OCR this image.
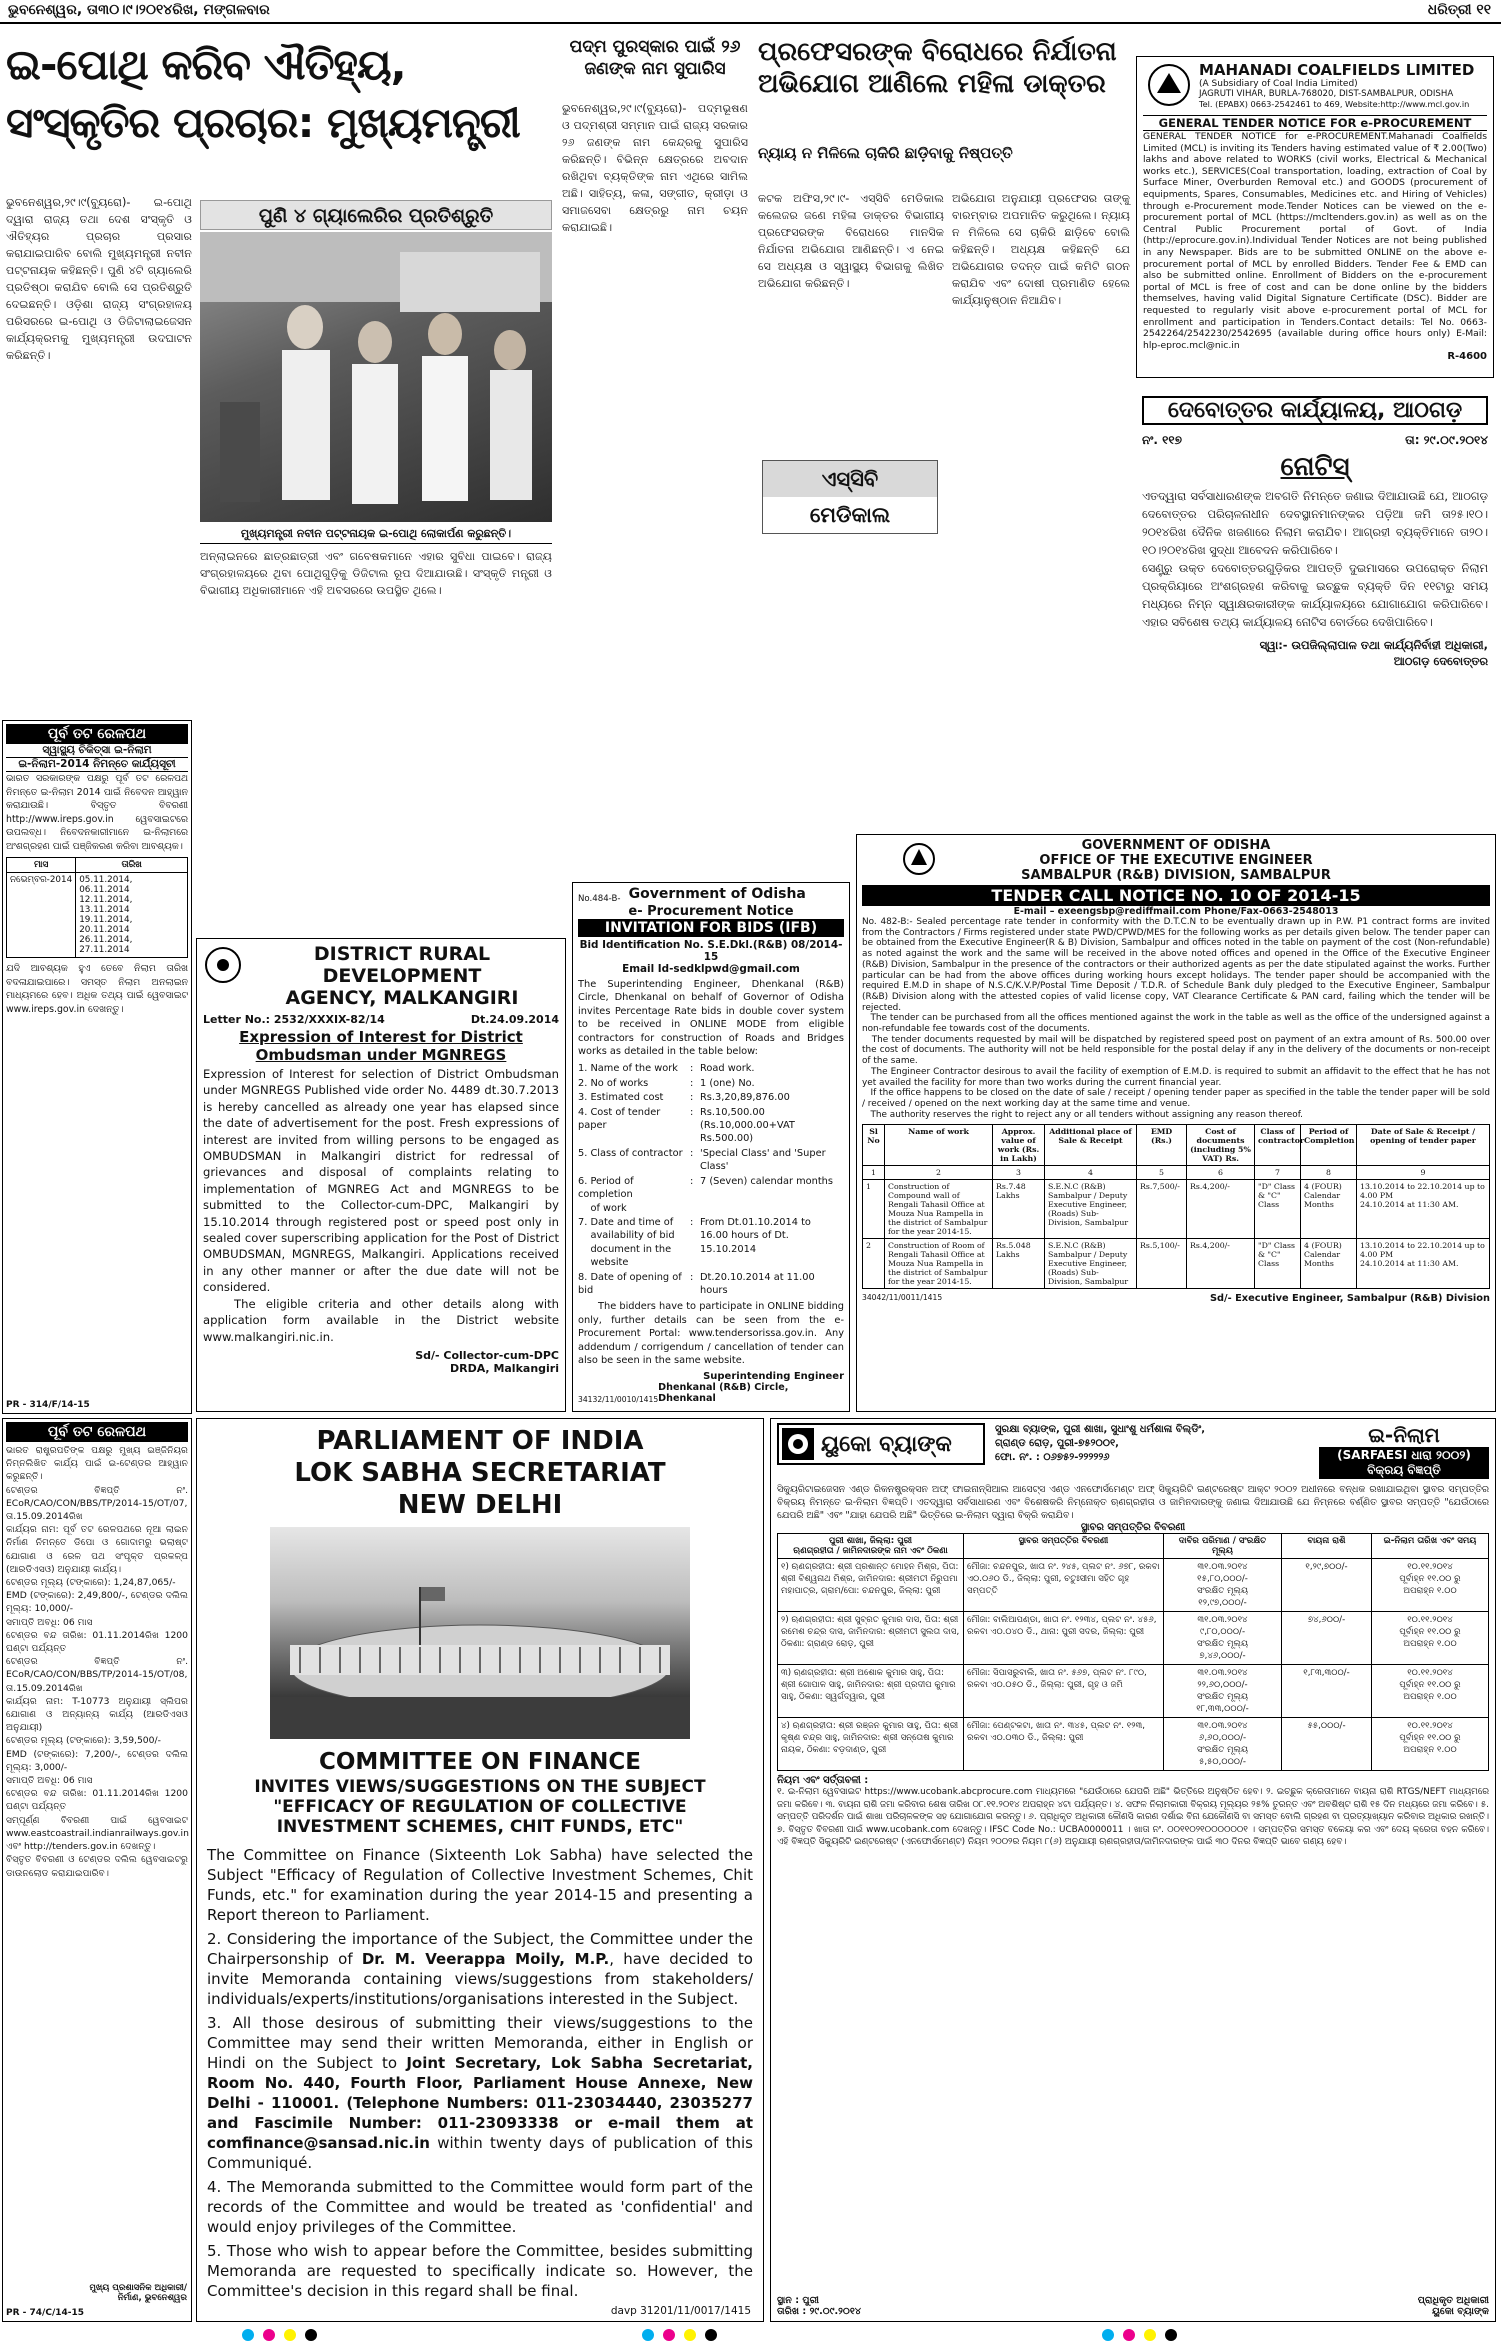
ଭୁବନେଶ୍ୱର, ତା୩୦।୯।୨୦୧୪ରିଖ, ମଙ୍ଗଳବାର	ଧରିତ୍ରୀ ୧୧
ଇ-ପୋଥି କରିବ ଐତିହ୍ୟ, ସଂସ୍କୃତିର ପ୍ରଚାର: ମୁଖ୍ୟମନ୍ତ୍ରୀ
ଭୁବନେଶ୍ୱର,୨୯।୯(ବ୍ୟୁରୋ)- ଇ-ପୋଥି ଦ୍ୱାରା ରାଜ୍ୟ ତଥା ଦେଶ ସଂସ୍କୃତି ଓ ଐତିହ୍ୟର ପ୍ରଚାର ପ୍ରସାର କରାଯାଇପାରିବ ବୋଲି ମୁଖ୍ୟମନ୍ତ୍ରୀ ନବୀନ ପଟ୍ଟନାୟକ କହିଛନ୍ତି। ପୁଣି ୪ଟି ଗ୍ୟାଲେରି ପ୍ରତିଷ୍ଠା କରାଯିବ ବୋଲି ସେ ପ୍ରତିଶ୍ରୁତି ଦେଇଛନ୍ତି। ଓଡ଼ିଶା ରାଜ୍ୟ ସଂଗ୍ରହାଳୟ ପରିସରରେ ଇ-ପୋଥି ଓ ଡିଜିଟାଲାଇଜେସନ କାର୍ଯ୍ୟକ୍ରମକୁ ମୁଖ୍ୟମନ୍ତ୍ରୀ ଉଦଘାଟନ କରିଛନ୍ତି।
ପୁଣି ୪ ଗ୍ୟାଲେରିର ପ୍ରତିଶ୍ରୁତି
ମୁଖ୍ୟମନ୍ତ୍ରୀ ନବୀନ ପଟ୍ଟନାୟକ ଇ-ପୋଥି ଲୋକାର୍ପଣ କରୁଛନ୍ତି।
ଅନ୍‌ଲାଇନରେ ଛାତ୍ରଛାତ୍ରୀ ଏବଂ ଗବେଷକମାନେ ଏହାର ସୁବିଧା ପାଇବେ। ରାଜ୍ୟ ସଂଗ୍ରହାଳୟରେ ଥିବା ପୋଥିଗୁଡ଼ିକୁ ଡିଜିଟାଲ ରୂପ ଦିଆଯାଉଛି। ସଂସ୍କୃତି ମନ୍ତ୍ରୀ ଓ ବିଭାଗୀୟ ଅଧିକାରୀମାନେ ଏହି ଅବସରରେ ଉପସ୍ଥିତ ଥିଲେ।
ପଦ୍ମ ପୁରସ୍କାର ପାଇଁ ୨୬ ଜଣଙ୍କ ନାମ ସୁପାରିସ
ଭୁବନେଶ୍ୱର,୨୯।୯(ବ୍ୟୁରୋ)- ପଦ୍ମଭୂଷଣ ଓ ପଦ୍ମଶ୍ରୀ ସମ୍ମାନ ପାଇଁ ରାଜ୍ୟ ସରକାର ୨୬ ଜଣଙ୍କ ନାମ କେନ୍ଦ୍ରକୁ ସୁପାରିସ କରିଛନ୍ତି। ବିଭିନ୍ନ କ୍ଷେତ୍ରରେ ଅବଦାନ ରଖିଥିବା ବ୍ୟକ୍ତିଙ୍କ ନାମ ଏଥିରେ ସାମିଲ ଅଛି। ସାହିତ୍ୟ, କଳା, ସଙ୍ଗୀତ, କ୍ରୀଡ଼ା ଓ ସମାଜସେବା କ୍ଷେତ୍ରରୁ ନାମ ଚୟନ କରାଯାଇଛି।
ପ୍ରଫେସରଙ୍କ ବିରୋଧରେ ନିର୍ଯାତନା ଅଭିଯୋଗ ଆଣିଲେ ମହିଳା ଡାକ୍ତର
ନ୍ୟାୟ ନ ମିଳିଲେ ଚାକିରି ଛାଡ଼ିବାକୁ ନିଷ୍ପତ୍ତି
କଟକ ଅଫିସ,୨୯।୯- ଏସ୍‌ସିବି ମେଡିକାଲ କଲେଜର ଜଣେ ମହିଳା ଡାକ୍ତର ବିଭାଗୀୟ ପ୍ରଫେସରଙ୍କ ବିରୋଧରେ ମାନସିକ ନିର୍ଯାତନା ଅଭିଯୋଗ ଆଣିଛନ୍ତି। ଏ ନେଇ ସେ ଅଧ୍ୟକ୍ଷ ଓ ସ୍ୱାସ୍ଥ୍ୟ ବିଭାଗକୁ ଲିଖିତ ଅଭିଯୋଗ କରିଛନ୍ତି।
ଏସ୍‌ସିବି
ମେଡିକାଲ
ଅଭିଯୋଗ ଅନୁଯାୟୀ ପ୍ରଫେସର ତାଙ୍କୁ ବାରମ୍ବାର ଅପମାନିତ କରୁଥିଲେ। ନ୍ୟାୟ ନ ମିଳିଲେ ସେ ଚାକିରି ଛାଡ଼ିବେ ବୋଲି କହିଛନ୍ତି। ଅଧ୍ୟକ୍ଷ କହିଛନ୍ତି ଯେ ଅଭିଯୋଗର ତଦନ୍ତ ପାଇଁ କମିଟି ଗଠନ କରାଯିବ ଏବଂ ଦୋଷୀ ପ୍ରମାଣିତ ହେଲେ କାର୍ଯ୍ୟାନୁଷ୍ଠାନ ନିଆଯିବ।
MAHANADI COALFIELDS LIMITED
(A Subsidiary of Coal India Limited)
JAGRUTI VIHAR, BURLA-768020, DIST-SAMBALPUR, ODISHA
Tel. (EPABX) 0663-2542461 to 469, Website:http://www.mcl.gov.in
GENERAL TENDER NOTICE FOR e-PROCUREMENT
GENERAL TENDER NOTICE for e-PROCUREMENT.Mahanadi Coalfields Limited (MCL) is inviting its Tenders having estimated value of ₹ 2.00(Two) lakhs and above related to WORKS (civil works, Electrical & Mechanical works etc.), SERVICES(Coal transportation, loading, extraction of Coal by Surface Miner, Overburden Removal etc.) and GOODS (procurement of equipments, Spares, Consumables, Medicines etc. and Hiring of Vehicles) through e-Procurement mode.Tender Notices can be viewed on the e-procurement portal of MCL (https://mcltenders.gov.in) as well as on the Central Public Procurement portal of Govt. of India (http://eprocure.gov.in).Individual Tender Notices are not being published in any Newspaper. Bids are to be submitted ONLINE on the above e-procurement portal of MCL by enrolled Bidders. Tender Fee & EMD can also be submitted online. Enrollment of Bidders on the e-procurement portal of MCL is free of cost and can be done online by the bidders themselves, having valid Digital Signature Certificate (DSC). Bidder are requested to regularly visit above e-procurement portal of MCL for enrollment and participation in Tenders.Contact details: Tel No. 0663-2542264/2542230/2542695 (available during office hours only) E-Mail: hlp-eproc.mcl@nic.in
R-4600
ଦେବୋତ୍ତର କାର୍ଯ୍ୟାଳୟ, ଆଠଗଡ଼
ନଂ. ୧୧୭	ତା: ୨୯.୦୯.୨୦୧୪
ନୋଟିସ୍
ଏତଦ୍ୱାରା ସର୍ବସାଧାରଣଙ୍କ ଅବଗତି ନିମନ୍ତେ ଜଣାଇ ଦିଆଯାଉଛି ଯେ, ଆଠଗଡ଼ ଦେବୋତ୍ତର ପରିଚାଳନାଧୀନ ଦେବସ୍ଥାନମାନଙ୍କର ପଡ଼ିଆ ଜମି ତା୨୫।୧୦।୨୦୧୪ରିଖ ଦୈନିକ ଖଜଣାରେ ନିଲାମ କରାଯିବ। ଆଗ୍ରହୀ ବ୍ୟକ୍ତିମାନେ ତା୨୦।୧୦।୨୦୧୪ରିଖ ସୁଦ୍ଧା ଆବେଦନ କରିପାରିବେ।
ସେଣ୍ଟ୍ରୁ ଉକ୍ତ ଦେବୋତ୍ତରଗୁଡ଼ିକର ଆପତ୍ତି ଦୁଇମାସରେ ଉପରୋକ୍ତ ନିଲାମ ପ୍ରକ୍ରିୟାରେ ଅଂଶଗ୍ରହଣ କରିବାକୁ ଇଚ୍ଛୁକ ବ୍ୟକ୍ତି ଦିନ ୧୧ଟାରୁ ସମୟ ମଧ୍ୟରେ ନିମ୍ନ ସ୍ୱାକ୍ଷରକାରୀଙ୍କ କାର୍ଯ୍ୟାଳୟରେ ଯୋଗାଯୋଗ କରିପାରିବେ। ଏହାର ସବିଶେଷ ତଥ୍ୟ କାର୍ଯ୍ୟାଳୟ ନୋଟିସ ବୋର୍ଡରେ ଦେଖିପାରିବେ।
ସ୍ୱା:- ଉପଜିଲ୍ଲାପାଳ ତଥା କାର୍ଯ୍ୟନିର୍ବାହୀ ଅଧିକାରୀ, ଆଠଗଡ଼ ଦେବୋତ୍ତର
ପୂର୍ବ ତଟ ରେଳପଥ
ସ୍ୱାସ୍ଥ୍ୟ ଚିକିତ୍ସା ଇ-ନିଲାମ
ଇ-ନିଲାମ-2014 ନିମନ୍ତେ କାର୍ଯ୍ୟସୂଚୀ
ଭାରତ ସରକାରଙ୍କ ପକ୍ଷରୁ ପୂର୍ବ ତଟ ରେଳପଥ ନିମନ୍ତେ ଇ-ନିଲାମ 2014 ପାଇଁ ନିବେଦନ ଆହ୍ୱାନ କରାଯାଉଛି। ବିସ୍ତୃତ ବିବରଣୀ http://www.ireps.gov.in ୱେବସାଇଟରେ ଉପଲବ୍ଧ। ନିବେଦନକାରୀମାନେ ଇ-ନିଲାମରେ ଅଂଶଗ୍ରହଣ ପାଇଁ ପଞ୍ଜିକରଣ କରିବା ଆବଶ୍ୟକ।
ମାସ	ତାରିଖ
ନଭେମ୍ବର-2014	05.11.2014, 06.11.2014
12.11.2014, 13.11.2014
19.11.2014, 20.11.2014
26.11.2014, 27.11.2014
ଯଦି ଆବଶ୍ୟକ ହୁଏ ତେବେ ନିଲାମ ତାରିଖ ବଦଳାଯାଇପାରେ। ସମସ୍ତ ନିଲାମ ଅନଲାଇନ ମାଧ୍ୟମରେ ହେବ। ଅଧିକ ତଥ୍ୟ ପାଇଁ ୱେବସାଇଟ www.ireps.gov.in ଦେଖନ୍ତୁ।
PR - 314/F/14-15
DISTRICT RURAL DEVELOPMENT
AGENCY, MALKANGIRI
Letter No.: 2532/XXXIX-82/14	Dt.24.09.2014
Expression of Interest for District
Ombudsman under MGNREGS
Expression of Interest for selection of District Ombudsman under MGNREGS Published vide order No. 4489 dt.30.7.2013 is hereby cancelled as already one year has elapsed since the date of advertisement for the post. Fresh expressions of interest are invited from willing persons to be engaged as OMBUDSMAN in Malkangiri district for redressal of grievances and disposal of complaints relating to implementation of MGNREG Act and MGNREGS to be submitted to the Collector-cum-DPC, Malkangiri by 15.10.2014 through registered post or speed post only in sealed cover superscribing application for the Post of District OMBUDSMAN, MGNREGS, Malkangiri. Applications received in any other manner or after the due date will not be considered.
The eligible criteria and other details along with application form available in the District website www.malkangiri.nic.in.
Sd/- Collector-cum-DPC
DRDA, Malkangiri
No.484-B- Government of Odisha
e- Procurement Notice
INVITATION FOR BIDS (IFB)
Bid Identification No. S.E.Dkl.(R&B) 08/2014-15
Email Id-sedklpwd@gmail.com
The Superintending Engineer, Dhenkanal (R&B) Circle, Dhenkanal on behalf of Governor of Odisha invites Percentage Rate bids in double cover system to be received in ONLINE MODE from eligible contractors for construction of Roads and Bridges works as detailed in the table below:
1. Name of the work	: Road work.
2. No of works	: 1 (one) No.
3. Estimated cost	: Rs.3,20,89,876.00
4. Cost of tender paper
: Rs.10,500.00
(Rs.10,000.00+VAT Rs.500.00)
5. Class of contractor : 'Special Class' and 'Super Class'
6. Period of completion
of work
: 7 (Seven) calendar months
7. Date and time of
availability of bid
document in the
website
: From Dt.01.10.2014 to
16.00 hours of Dt. 15.10.2014
8. Date of opening of bid
: Dt.20.10.2014 at 11.00 hours
The bidders have to participate in ONLINE bidding only, further details can be seen from the e- Procurement Portal: www.tendersorissa.gov.in. Any addendum / corrigendum / cancellation of tender can also be seen in the same website.
Superintending Engineer
34132/11/0010/1415
Dhenkanal (R&B) Circle, Dhenkanal
GOVERNMENT OF ODISHA
OFFICE OF THE EXECUTIVE ENGINEER
SAMBALPUR (R&B) DIVISION, SAMBALPUR
TENDER CALL NOTICE NO. 10 OF 2014-15
E-mail – exeengsbp@rediffmail.com Phone/Fax-0663-2548013
No. 482-B:- Sealed percentage rate tender in conformity with the D.T.C.N to be eventually drawn up in P.W. P1 contract forms are invited from the Contractors / Firms registered under state PWD/CPWD/MES for the following works as per details given below. The tender paper can be obtained from the Executive Engineer(R & B) Division, Sambalpur and offices noted in the table on payment of the cost (Non-refundable) as noted against the work and the same will be received in the above noted offices and opened in the Office of the Executive Engineer (R&B) Division, Sambalpur in the presence of the contractors or their authorized agents as per the date stipulated against the works. Further particular can be had from the above offices during working hours except holidays. The tender paper should be accompanied with the required E.M.D in shape of N.S.C/K.V.P/Postal Time Deposit / T.D.R. of Schedule Bank duly pledged to the Executive Engineer, Sambalpur (R&B) Division along with the attested copies of valid license copy, VAT Clearance Certificate & PAN card, failing which the tender will be rejected.
The tender can be purchased from all the offices mentioned against the work in the table as well as the office of the undersigned against a non-refundable fee towards cost of the documents.
The tender documents requested by mail will be dispatched by registered speed post on payment of an extra amount of Rs. 500.00 over the cost of documents. The authority will not be held responsible for the postal delay if any in the delivery of the documents or non-receipt of the same.
The Engineer Contractor desirous to avail the facility of exemption of E.M.D. is required to submit an affidavit to the effect that he has not yet availed the facility for more than two works during the current financial year.
If the office happens to be closed on the date of sale / receipt / opening tender paper as specified in the table the tender paper will be sold / received / opened on the next working day at the same time and venue.
The authority reserves the right to reject any or all tenders without assigning any reason thereof.
Sl No	Name of work	Approx. value of work (Rs. in Lakh)	Additional place of Sale & Receipt	EMD (Rs.)	Cost of documents (including 5% VAT) Rs.	Class of contractor	Period of Completion	Date of Sale & Receipt / opening of tender paper
1	2	3	4	5	6	7	8	9
1	Construction of Compound wall of Rengali Tahasil Office at Mouza Nua Rampella in the district of Sambalpur for the year 2014-15.	Rs.7.48 Lakhs	S.E.N.C (R&B) Sambalpur / Deputy Executive Engineer, (Roads) Sub-Division, Sambalpur	Rs.7,500/-	Rs.4,200/-	"D" Class & "C" Class	4 (FOUR) Calendar Months	13.10.2014 to 22.10.2014 up to 4.00 PM
24.10.2014 at 11:30 AM.
2	Construction of Room of Rengali Tahasil Office at Mouza Nua Rampella in the district of Sambalpur for the year 2014-15.	Rs.5.048 Lakhs	S.E.N.C (R&B) Sambalpur / Deputy Executive Engineer, (Roads) Sub-Division, Sambalpur	Rs.5,100/-	Rs.4,200/-	"D" Class & "C" Class	4 (FOUR) Calendar Months	13.10.2014 to 22.10.2014 up to 4.00 PM
24.10.2014 at 11:30 AM.
34042/11/0011/1415	Sd/- Executive Engineer, Sambalpur (R&B) Division
ପୂର୍ବ ତଟ ରେଳପଥ
ଭାରତ ରାଷ୍ଟ୍ରପତିଙ୍କ ପକ୍ଷରୁ ମୁଖ୍ୟ ଇଞ୍ଜିନିୟର ନିମ୍ନଲିଖିତ କାର୍ଯ୍ୟ ପାଇଁ ଇ-ଟେଣ୍ଡର ଆହ୍ୱାନ କରୁଛନ୍ତି।
ଟେଣ୍ଡର ବିଜ୍ଞପ୍ତି ନଂ. ECoR/CAO/CON/BBS/TP/2014-15/OT/07, ତା.15.09.2014ରିଖ
କାର୍ଯ୍ୟର ନାମ: ପୂର୍ବ ତଟ ରେଳପଥରେ ନୂଆ ଲାଇନ ନିର୍ମାଣ ନିମନ୍ତେ ଡିପୋ ଓ ଗୋଦାମରୁ ଭଲାଷ୍ଟ ଯୋଗାଣ ଓ ରେଳ ପଥ ସଂପୃକ୍ତ ପ୍ରକଳ୍ପ (ଆରଡିଏସଓ) ଅନୁଯାୟୀ କାର୍ଯ୍ୟ।
ଟେଣ୍ଡର ମୂଲ୍ୟ (ଟଙ୍କାରେ): 1,24,87,065/-
EMD (ଟଙ୍କାରେ): 2,49,800/-, ଟେଣ୍ଡର ଦଲିଲ ମୂଲ୍ୟ: 10,000/-
ସମାପ୍ତି ଅବଧି: 06 ମାସ
ଟେଣ୍ଡର ବନ୍ଦ ତାରିଖ: 01.11.2014ରିଖ 1200 ଘଣ୍ଟା ପର୍ଯ୍ୟନ୍ତ
ଟେଣ୍ଡର ବିଜ୍ଞପ୍ତି ନଂ. ECoR/CAO/CON/BBS/TP/2014-15/OT/08, ତା.15.09.2014ରିଖ
କାର୍ଯ୍ୟର ନାମ: T-10773 ଅନୁଯାୟୀ ସ୍ଲିପର ଯୋଗାଣ ଓ ଅନ୍ୟାନ୍ୟ କାର୍ଯ୍ୟ (ଆରଡିଏସଓ ଅନୁଯାୟୀ)
ଟେଣ୍ଡର ମୂଲ୍ୟ (ଟଙ୍କାରେ): 3,59,500/-
EMD (ଟଙ୍କାରେ): 7,200/-, ଟେଣ୍ଡର ଦଲିଲ ମୂଲ୍ୟ: 3,000/-
ସମାପ୍ତି ଅବଧି: 06 ମାସ
ଟେଣ୍ଡର ବନ୍ଦ ତାରିଖ: 01.11.2014ରିଖ 1200 ଘଣ୍ଟା ପର୍ଯ୍ୟନ୍ତ
ସମ୍ପୂର୍ଣ୍ଣ ବିବରଣୀ ପାଇଁ ୱେବସାଇଟ www.eastcoastrail.indianrailways.gov.in ଏବଂ http://tenders.gov.in ଦେଖନ୍ତୁ।
ବିସ୍ତୃତ ବିବରଣୀ ଓ ଟେଣ୍ଡର ଦଲିଲ ୱେବସାଇଟରୁ ଡାଉନଲୋଡ କରାଯାଇପାରିବ।
ମୁଖ୍ୟ ପ୍ରଶାସନିକ ଅଧିକାରୀ/ନିର୍ମାଣ, ଭୁବନେଶ୍ୱର
PR - 74/C/14-15
PARLIAMENT OF INDIA
LOK SABHA SECRETARIAT
NEW DELHI
COMMITTEE ON FINANCE
INVITES VIEWS/SUGGESTIONS ON THE SUBJECT
"EFFICACY OF REGULATION OF COLLECTIVE INVESTMENT SCHEMES, CHIT FUNDS, ETC"
The Committee on Finance (Sixteenth Lok Sabha) have selected the Subject "Efficacy of Regulation of Collective Investment Schemes, Chit Funds, etc." for examination during the year 2014-15 and presenting a Report thereon to Parliament.
2. Considering the importance of the Subject, the Committee under the Chairpersonship of Dr. M. Veerappa Moily, M.P., have decided to invite Memoranda containing views/suggestions from stakeholders/ individuals/experts/institutions/organisations interested in the Subject.
3. All those desirous of submitting their views/suggestions to the Committee may send their written Memoranda, either in English or Hindi on the Subject to Joint Secretary, Lok Sabha Secretariat, Room No. 440, Fourth Floor, Parliament House Annexe, New Delhi - 110001. (Telephone Numbers: 011-23034440, 23035277 and Fascimile Number: 011-23093338 or e-mail them at comfinance@sansad.nic.in within twenty days of publication of this Communiqué.
4. The Memoranda submitted to the Committee would form part of the records of the Committee and would be treated as 'confidential' and would enjoy privileges of the Committee.
5. Those who wish to appear before the Committee, besides submitting Memoranda are requested to specifically indicate so. However, the Committee's decision in this regard shall be final.
davp 31201/11/0017/1415
ୟୁକୋ ବ୍ୟାଙ୍କ
ସୁରକ୍ଷା ବ୍ୟାଙ୍କ, ପୁରୀ ଶାଖା, ସୁଧାଂଶୁ ଧର୍ମଶାଳା ବିଲ୍ଡିଂ,
ଗ୍ରାଣ୍ଡ ରୋଡ଼, ପୁରୀ-୭୫୨୦୦୧,
ଫୋ. ନଂ. : ୦୬୭୫୨-୨୨୨୨୨୬
ଇ-ନିଲାମ
(SARFAESI ଧାରା ୨୦୦୨) ବିକ୍ରୟ ବିଜ୍ଞପ୍ତି
ସିକ୍ୟୁରିଟାଇଜେସନ ଏଣ୍ଡ ରିକନଷ୍ଟ୍ରକ୍ସନ ଅଫ୍ ଫାଇନାନ୍ସିଆଲ ଆସେଟ୍ସ ଏଣ୍ଡ ଏନଫୋର୍ସମେଣ୍ଟ ଅଫ୍ ସିକ୍ୟୁରିଟି ଇଣ୍ଟରେଷ୍ଟ ଆକ୍ଟ ୨୦୦୨ ଅଧୀନରେ ବନ୍ଧକ ରଖାଯାଇଥିବା ସ୍ଥାବର ସମ୍ପତ୍ତିର ବିକ୍ରୟ ନିମନ୍ତେ ଇ-ନିଲାମ ବିଜ୍ଞପ୍ତି। ଏତଦ୍ୱାରା ସର୍ବସାଧାରଣ ଏବଂ ବିଶେଷକରି ନିମ୍ନୋକ୍ତ ଋଣଗ୍ରହୀତା ଓ ଜାମିନଦାରଙ୍କୁ ଜଣାଇ ଦିଆଯାଉଛି ଯେ ନିମ୍ନରେ ବର୍ଣ୍ଣିତ ସ୍ଥାବର ସମ୍ପତ୍ତି "ଯେଉଁଠାରେ ଯେପରି ଅଛି" ଏବଂ "ଯାହା ଯେପରି ଅଛି" ଭିତ୍ତିରେ ଇ-ନିଲାମ ଦ୍ୱାରା ବିକ୍ରି କରାଯିବ।
ସ୍ଥାବର ସମ୍ପତ୍ତିର ବିବରଣୀ
ପୁରୀ ଶାଖା, ଜିଲ୍ଲା: ପୁରୀ
ଋଣଗ୍ରହୀତା / ଜାମିନଦାରଙ୍କ ନାମ ଏବଂ ଠିକଣା	ସ୍ଥାବର ସମ୍ପତ୍ତିର ବିବରଣୀ	ଦାବିର ପରିମାଣ / ସଂରକ୍ଷିତ ମୂଲ୍ୟ	ବାୟନା ରାଶି	ଇ-ନିଲାମ ତାରିଖ ଏବଂ ସମୟ
୧) ଋଣଗ୍ରହୀତା: ଶ୍ରୀ ପ୍ରଶାନ୍ତ ମୋହନ ମିଶ୍ର, ପିତା: ଶ୍ରୀ ବିଶ୍ୱନାଥ ମିଶ୍ର, ଜାମିନଦାର: ଶ୍ରୀମତୀ ନିରୁପମା ମହାପାତ୍ର, ଗ୍ରାମ/ପୋ: ଚନ୍ଦନପୁର, ଜିଲ୍ଲା: ପୁରୀ	ମୌଜା: ଚନ୍ଦନପୁର, ଖାତା ନଂ. ୨୪୫, ପ୍ଲଟ ନଂ. ୬୭୮, ରକବା ଏ୦.୦୬୦ ଡି., ଜିଲ୍ଲା: ପୁରୀ, ଚତୁଃସୀମା ସହିତ ଗୃହ ସମ୍ପତ୍ତି	୩୧.୦୩.୨୦୧୪
୧୫,୮୦,୦୦୦/-
ସଂରକ୍ଷିତ ମୂଲ୍ୟ
୧୨,୯୭,୦୦୦/-	୧,୨୯,୭୦୦/-	୧୦.୧୧.୨୦୧୪
ପୂର୍ବାହ୍ନ ୧୧.୦୦ ରୁ
ଅପରାହ୍ନ ୧.୦୦
୨) ଋଣଗ୍ରହୀତା: ଶ୍ରୀ ସୁବ୍ରତ କୁମାର ଦାସ, ପିତା: ଶ୍ରୀ ରମେଶ ଚନ୍ଦ୍ର ଦାସ, ଜାମିନଦାର: ଶ୍ରୀମତୀ ସୁଲତା ଦାସ, ଠିକଣା: ଗ୍ରାଣ୍ଡ ରୋଡ଼, ପୁରୀ	ମୌଜା: ବାଲିଆପଣ୍ଡା, ଖାତା ନଂ. ୧୨୩୪, ପ୍ଲଟ ନଂ. ୪୫୬, ରକବା ଏ୦.୦୪୦ ଡି., ଥାନା: ପୁରୀ ସଦର, ଜିଲ୍ଲା: ପୁରୀ	୩୧.୦୩.୨୦୧୪
୯,୮୦,୦୦୦/-
ସଂରକ୍ଷିତ ମୂଲ୍ୟ
୭,୪୬,୦୦୦/-	୭୪,୬୦୦/-	୧୦.୧୧.୨୦୧୪
ପୂର୍ବାହ୍ନ ୧୧.୦୦ ରୁ
ଅପରାହ୍ନ ୧.୦୦
୩) ଋଣଗ୍ରହୀତା: ଶ୍ରୀ ଅଶୋକ କୁମାର ସାହୁ, ପିତା: ଶ୍ରୀ ଗୋପାଳ ସାହୁ, ଜାମିନଦାର: ଶ୍ରୀ ପ୍ରଦୀପ କୁମାର ସାହୁ, ଠିକଣା: ସ୍ୱର୍ଗଦ୍ୱାର, ପୁରୀ	ମୌଜା: ସିପାସରୁବାଲି, ଖାତା ନଂ. ୫୬୭, ପ୍ଲଟ ନଂ. ୮୯୦, ରକବା ଏ୦.୦୫୦ ଡି., ଜିଲ୍ଲା: ପୁରୀ, ଗୃହ ଓ ଜମି	୩୧.୦୩.୨୦୧୪
୨୨,୬୦,୦୦୦/-
ସଂରକ୍ଷିତ ମୂଲ୍ୟ
୧୮,୩୩,୦୦୦/-	୧,୮୩,୩୦୦/-	୧୦.୧୧.୨୦୧୪
ପୂର୍ବାହ୍ନ ୧୧.୦୦ ରୁ
ଅପରାହ୍ନ ୧.୦୦
୪) ଋଣଗ୍ରହୀତା: ଶ୍ରୀ ରଞ୍ଜନ କୁମାର ସାହୁ, ପିତା: ଶ୍ରୀ କୃଷ୍ଣ ଚନ୍ଦ୍ର ସାହୁ, ଜାମିନଦାର: ଶ୍ରୀ ସନ୍ତୋଷ କୁମାର ନାୟକ, ଠିକଣା: ବଡ଼ଦାଣ୍ଡ, ପୁରୀ	ମୌଜା: ପେଣ୍ଟକଟା, ଖାତା ନଂ. ୩୪୫, ପ୍ଲଟ ନଂ. ୧୨୩, ରକବା ଏ୦.୦୩୦ ଡି., ଜିଲ୍ଲା: ପୁରୀ	୩୧.୦୩.୨୦୧୪
୬,୬୦,୦୦୦/-
ସଂରକ୍ଷିତ ମୂଲ୍ୟ
୫,୫୦,୦୦୦/-	୫୫,୦୦୦/-	୧୦.୧୧.୨୦୧୪
ପୂର୍ବାହ୍ନ ୧୧.୦୦ ରୁ
ଅପରାହ୍ନ ୧.୦୦
ନିୟମ ଏବଂ ସର୍ତ୍ତାବଳୀ :
୧. ଇ-ନିଲାମ ୱେବସାଇଟ https://www.ucobank.abcprocure.com ମାଧ୍ୟମରେ "ଯେଉଁଠାରେ ଯେପରି ଅଛି" ଭିତ୍ତିରେ ଅନୁଷ୍ଠିତ ହେବ। ୨. ଇଚ୍ଛୁକ କ୍ରେତାମାନେ ବାୟନା ରାଶି RTGS/NEFT ମାଧ୍ୟମରେ ଜମା କରିବେ। ୩. ବାୟନା ରାଶି ଜମା କରିବାର ଶେଷ ତାରିଖ ୦୮.୧୧.୨୦୧୪ ଅପରାହ୍ନ ୪ଟା ପର୍ଯ୍ୟନ୍ତ। ୪. ସଫଳ ନିଲାମକାରୀ ବିକ୍ରୟ ମୂଲ୍ୟର ୨୫% ତୁରନ୍ତ ଏବଂ ଅବଶିଷ୍ଟ ରାଶି ୧୫ ଦିନ ମଧ୍ୟରେ ଜମା କରିବେ। ୫. ସମ୍ପତ୍ତି ପରିଦର୍ଶନ ପାଇଁ ଶାଖା ପରିଚାଳକଙ୍କ ସହ ଯୋଗାଯୋଗ କରନ୍ତୁ। ୬. ପ୍ରାଧିକୃତ ଅଧିକାରୀ କୌଣସି କାରଣ ଦର୍ଶାଇ ବିନା ଯେକୌଣସି ବା ସମସ୍ତ ବୋଲି ଗ୍ରହଣ ବା ପ୍ରତ୍ୟାଖ୍ୟାନ କରିବାର ଅଧିକାର ରଖନ୍ତି। ୭. ବିସ୍ତୃତ ବିବରଣୀ ପାଇଁ www.ucobank.com ଦେଖନ୍ତୁ। IFSC Code No.: UCBA0000011 । ଖାତା ନଂ. ୦୦୧୧୦୨୧୦୦୦୦୦୦୧ । ସମ୍ପତ୍ତିର ସମସ୍ତ ବକେୟା କର ଏବଂ ଦେୟ କ୍ରେତା ବହନ କରିବେ। ଏହି ବିଜ୍ଞପ୍ତି ସିକ୍ୟୁରିଟି ଇଣ୍ଟରେଷ୍ଟ (ଏନଫୋର୍ସମେଣ୍ଟ) ନିୟମ ୨୦୦୨ର ନିୟମ ୮(୬) ଅନୁଯାୟୀ ଋଣଗ୍ରହୀତା/ଜାମିନଦାରଙ୍କ ପାଇଁ ୩୦ ଦିନର ବିଜ୍ଞପ୍ତି ଭାବେ ଗଣ୍ୟ ହେବ।
ସ୍ଥାନ : ପୁରୀ
ତାରିଖ : ୨୯.୦୯.୨୦୧୪
ପ୍ରାଧିକୃତ ଅଧିକାରୀ
ୟୁକୋ ବ୍ୟାଙ୍କ
